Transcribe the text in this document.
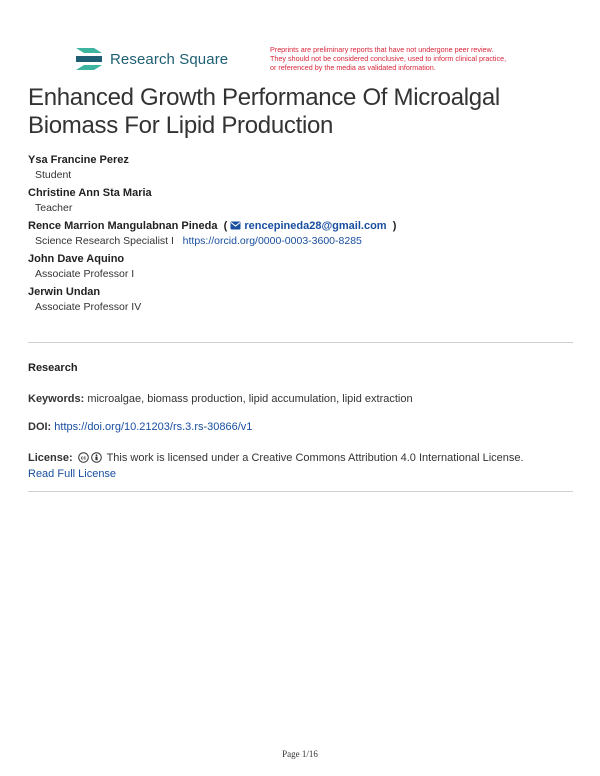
Research Square
Preprints are preliminary reports that have not undergone peer review.
They should not be considered conclusive, used to inform clinical practice,
or referenced by the media as validated information.
Enhanced Growth Performance Of Microalgal Biomass For Lipid Production
Ysa Francine Perez
Student
Christine Ann Sta Maria
Teacher
Rence Marrion Mangulabnan Pineda  ( rencepineda28@gmail.com  )
Science Research Specialist I https://orcid.org/0000-0003-3600-8285
John Dave Aquino
Associate Professor I
Jerwin Undan
Associate Professor IV
Research
Keywords: microalgae, biomass production, lipid accumulation, lipid extraction
DOI: https://doi.org/10.21203/rs.3.rs-30866/v1
License: cc This work is licensed under a Creative Commons Attribution 4.0 International License.
Read Full License
Page 1/16
